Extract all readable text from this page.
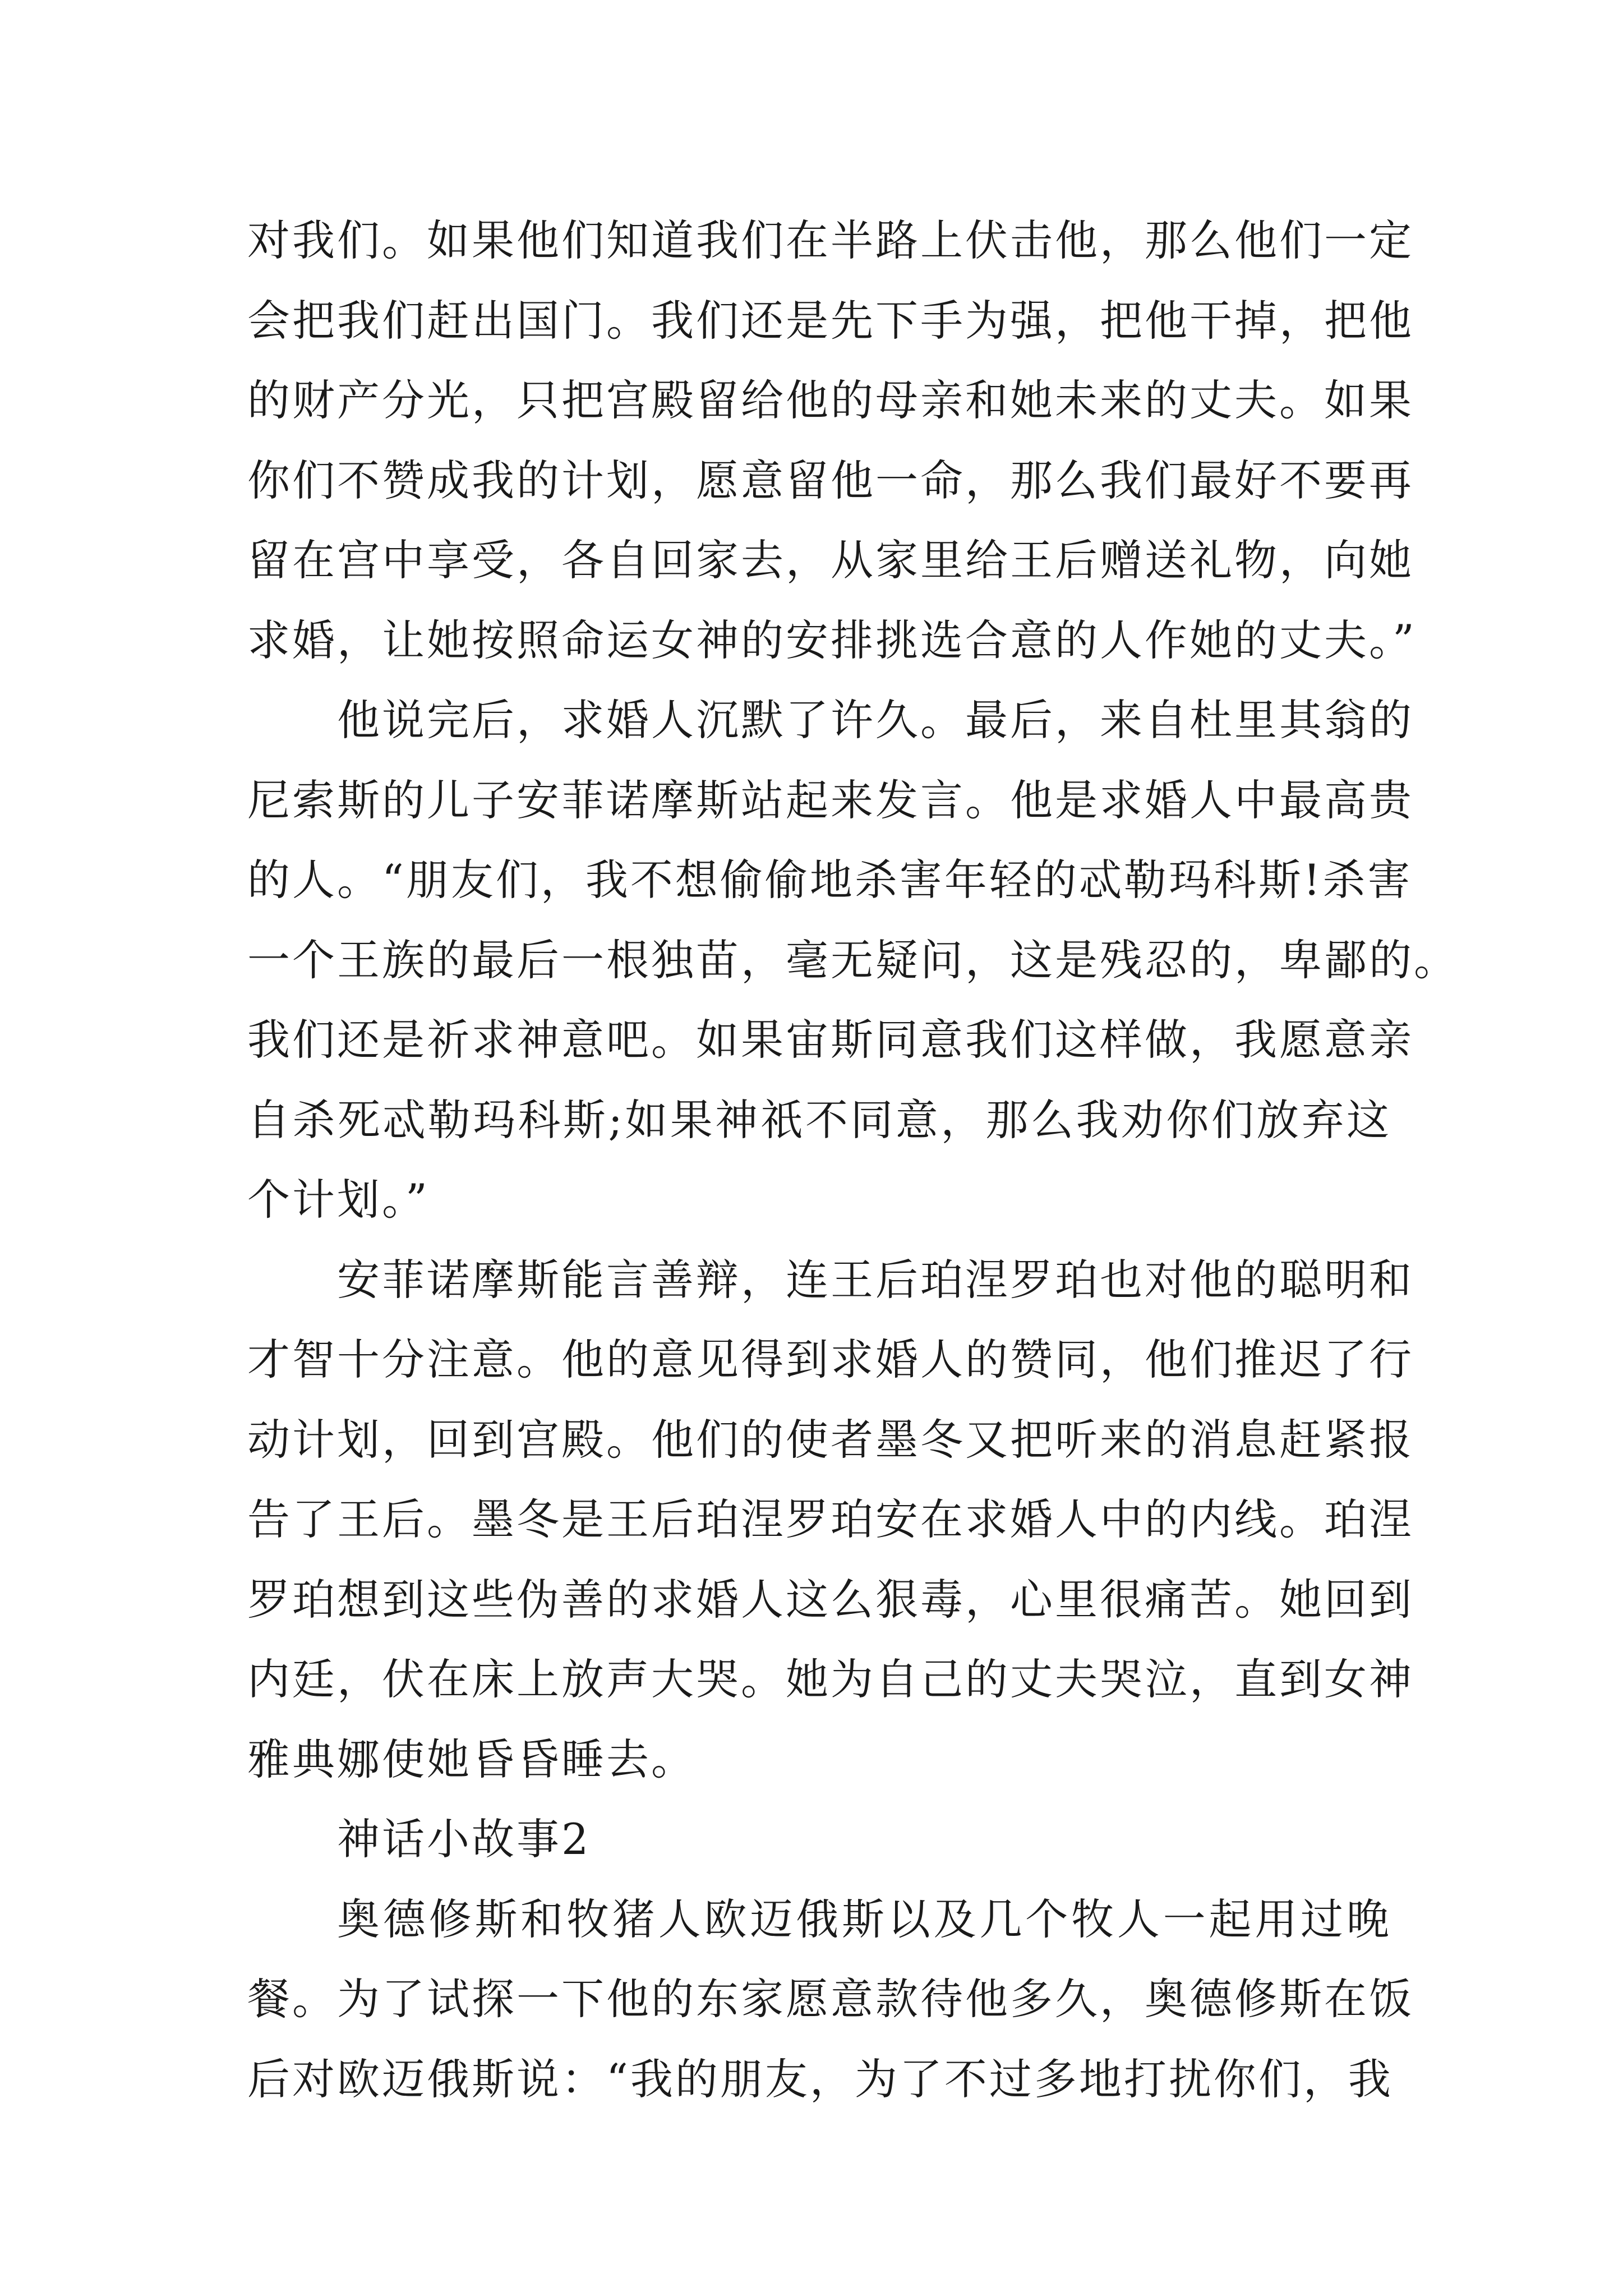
对我们。如果他们知道我们在半路上伏击他，那么他们一定
会把我们赶出国门。我们还是先下手为强，把他干掉，把他
的财产分光，只把宫殿留给他的母亲和她未来的丈夫。如果
你们不赞成我的计划，愿意留他一命，那么我们最好不要再
留在宫中享受，各自回家去，从家里给王后赠送礼物，向她
求婚，让她按照命运女神的安排挑选合意的人作她的丈夫。”
他说完后，求婚人沉默了许久。最后，来自杜里其翁的
尼索斯的儿子安菲诺摩斯站起来发言。他是求婚人中最高贵
的人。“朋友们，我不想偷偷地杀害年轻的忒勒玛科斯!杀害
一个王族的最后一根独苗，毫无疑问，这是残忍的，卑鄙的。
我们还是祈求神意吧。如果宙斯同意我们这样做，我愿意亲
自杀死忒勒玛科斯;如果神祇不同意，那么我劝你们放弃这
个计划。”
安菲诺摩斯能言善辩，连王后珀涅罗珀也对他的聪明和
才智十分注意。他的意见得到求婚人的赞同，他们推迟了行
动计划，回到宫殿。他们的使者墨冬又把听来的消息赶紧报
告了王后。墨冬是王后珀涅罗珀安在求婚人中的内线。珀涅
罗珀想到这些伪善的求婚人这么狠毒，心里很痛苦。她回到
内廷，伏在床上放声大哭。她为自己的丈夫哭泣，直到女神
雅典娜使她昏昏睡去。
神话小故事2
奥德修斯和牧猪人欧迈俄斯以及几个牧人一起用过晚
餐。为了试探一下他的东家愿意款待他多久，奥德修斯在饭
后对欧迈俄斯说：“我的朋友，为了不过多地打扰你们，我
